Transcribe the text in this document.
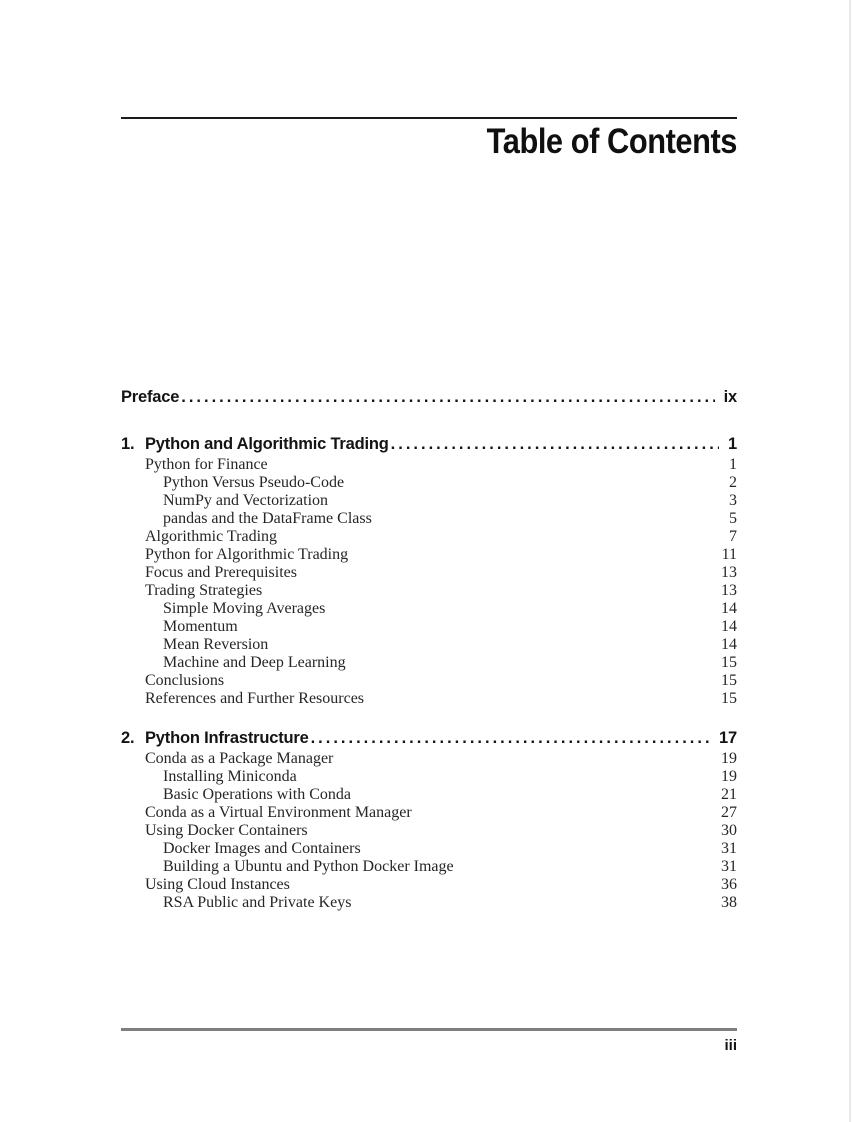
Table of Contents
Preface .....	ix
1. Python and Algorithmic Trading .....	1
Python for Finance	1
Python Versus Pseudo-Code	2
NumPy and Vectorization	3
pandas and the DataFrame Class	5
Algorithmic Trading	7
Python for Algorithmic Trading	11
Focus and Prerequisites	13
Trading Strategies	13
Simple Moving Averages	14
Momentum	14
Mean Reversion	14
Machine and Deep Learning	15
Conclusions	15
References and Further Resources	15
2. Python Infrastructure .....	17
Conda as a Package Manager	19
Installing Miniconda	19
Basic Operations with Conda	21
Conda as a Virtual Environment Manager	27
Using Docker Containers	30
Docker Images and Containers	31
Building a Ubuntu and Python Docker Image	31
Using Cloud Instances	36
RSA Public and Private Keys	38
iii
